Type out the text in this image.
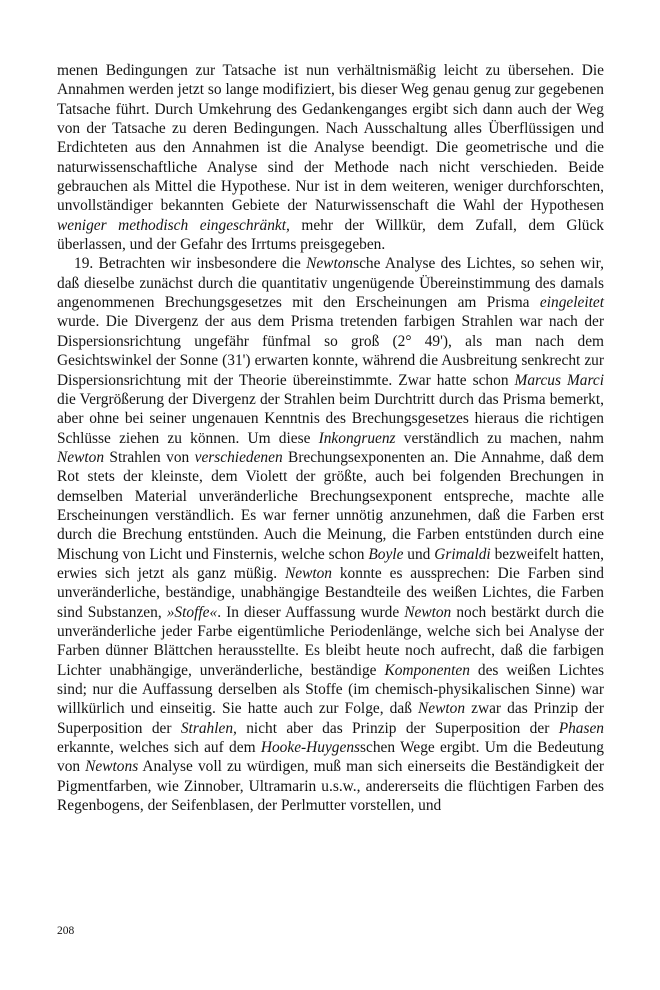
menen Bedingungen zur Tatsache ist nun verhältnismäßig leicht zu übersehen. Die Annahmen werden jetzt so lange modifiziert, bis dieser Weg genau genug zur gegebenen Tatsache führt. Durch Umkehrung des Gedankenganges ergibt sich dann auch der Weg von der Tatsache zu deren Bedingungen. Nach Ausschaltung alles Überflüssigen und Erdichteten aus den Annahmen ist die Analyse beendigt. Die geometrische und die naturwissenschaftliche Analyse sind der Methode nach nicht verschieden. Beide gebrauchen als Mittel die Hypothese. Nur ist in dem weiteren, weniger durchforschten, unvollständiger bekannten Gebiete der Naturwissenschaft die Wahl der Hypothesen weniger methodisch eingeschränkt, mehr der Willkür, dem Zufall, dem Glück überlassen, und der Gefahr des Irrtums preisgegeben.

19. Betrachten wir insbesondere die Newtonsche Analyse des Lichtes, so sehen wir, daß dieselbe zunächst durch die quantitativ ungenügende Übereinstimmung des damals angenommenen Brechungsgesetzes mit den Erscheinungen am Prisma eingeleitet wurde. Die Divergenz der aus dem Prisma tretenden farbigen Strahlen war nach der Dispersionsrichtung ungefähr fünfmal so groß (2° 49'), als man nach dem Gesichtswinkel der Sonne (31') erwarten konnte, während die Ausbreitung senkrecht zur Dispersionsrichtung mit der Theorie übereinstimmte. Zwar hatte schon Marcus Marci die Vergrößerung der Divergenz der Strahlen beim Durchtritt durch das Prisma bemerkt, aber ohne bei seiner ungenauen Kenntnis des Brechungsgesetzes hieraus die richtigen Schlüsse ziehen zu können. Um diese Inkongruenz verständlich zu machen, nahm Newton Strahlen von verschiedenen Brechungsexponenten an. Die Annahme, daß dem Rot stets der kleinste, dem Violett der größte, auch bei folgenden Brechungen in demselben Material unveränderliche Brechungsexponent entspreche, machte alle Erscheinungen verständlich. Es war ferner unnötig anzunehmen, daß die Farben erst durch die Brechung entstünden. Auch die Meinung, die Farben entstünden durch eine Mischung von Licht und Finsternis, welche schon Boyle und Grimaldi bezweifelt hatten, erwies sich jetzt als ganz müßig. Newton konnte es aussprechen: Die Farben sind unveränderliche, beständige, unabhängige Bestandteile des weißen Lichtes, die Farben sind Substanzen, »Stoffe«. In dieser Auffassung wurde Newton noch bestärkt durch die unveränderliche jeder Farbe eigentümliche Periodenlänge, welche sich bei Analyse der Farben dünner Blättchen herausstellte. Es bleibt heute noch aufrecht, daß die farbigen Lichter unabhängige, unveränderliche, beständige Komponenten des weißen Lichtes sind; nur die Auffassung derselben als Stoffe (im chemisch-physikalischen Sinne) war willkürlich und einseitig. Sie hatte auch zur Folge, daß Newton zwar das Prinzip der Superposition der Strahlen, nicht aber das Prinzip der Superposition der Phasen erkannte, welches sich auf dem Hooke-Huygensschen Wege ergibt. Um die Bedeutung von Newtons Analyse voll zu würdigen, muß man sich einerseits die Beständigkeit der Pigmentfarben, wie Zinnober, Ultramarin u.s.w., andererseits die flüchtigen Farben des Regenbogens, der Seifenblasen, der Perlmutter vorstellen, und

208
